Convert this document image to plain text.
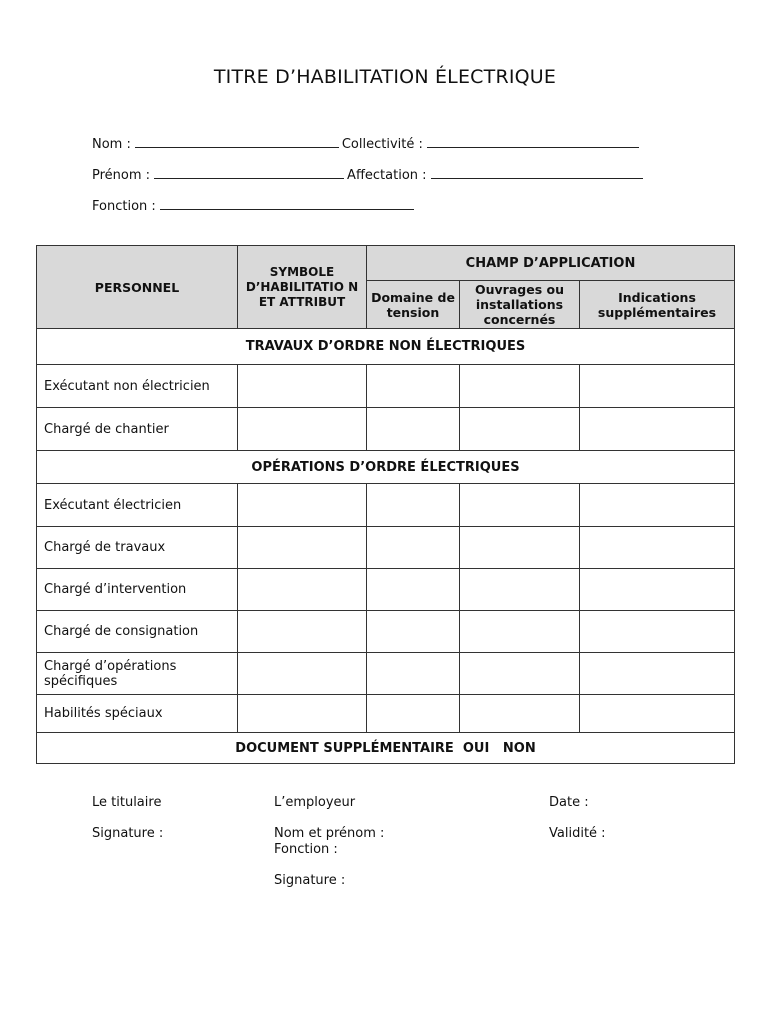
TITRE D’HABILITATION ÉLECTRIQUE
Nom :	Collectivité :
Prénom :	Affectation :
Fonction :
PERSONNEL	SYMBOLE D’HABILITATIO N ET ATTRIBUT	CHAMP D’APPLICATION		
		Domaine de tension	Ouvrages ou installations concernés	Indications supplémentaires
TRAVAUX D’ORDRE NON ÉLECTRIQUES				
Exécutant non électricien				
Chargé de chantier				
OPÉRATIONS D’ORDRE ÉLECTRIQUES				
Exécutant électricien				
Chargé de travaux				
Chargé d’intervention				
Chargé de consignation				
Chargé d’opérations spécifiques				
Habilités spéciaux				
DOCUMENT SUPPLÉMENTAIRE  OUI   NON				
Le titulaire
Signature :
L’employeur
Nom et prénom :
Fonction :
Signature :
Date :
Validité :
